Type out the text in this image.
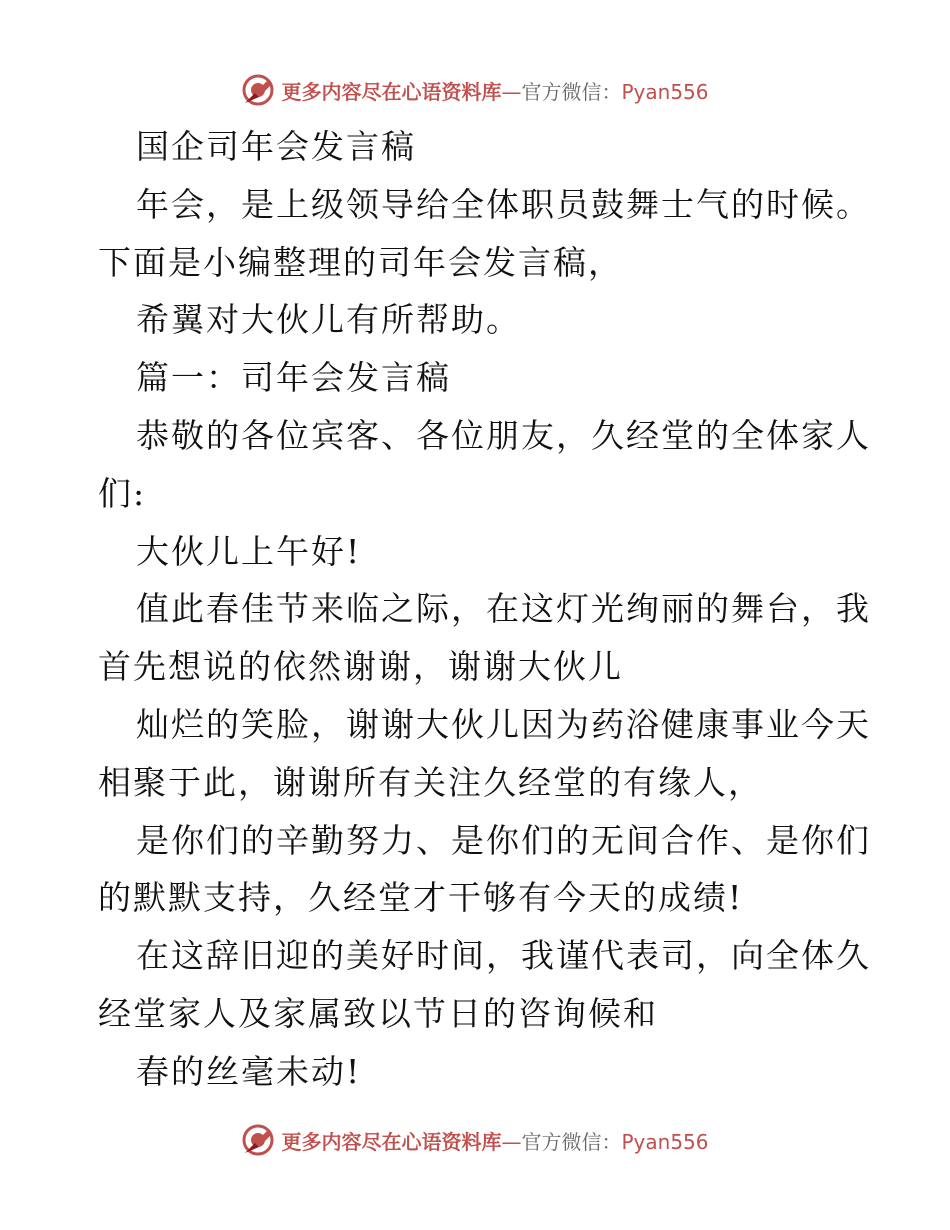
更多内容尽在心语资料库—官方微信：Pyan556
国企司年会发言稿
年会，是上级领导给全体职员鼓舞士气的时候。
下面是小编整理的司年会发言稿，
希翼对大伙儿有所帮助。
篇一：司年会发言稿
恭敬的各位宾客、各位朋友，久经堂的全体家人
们:
大伙儿上午好!
值此春佳节来临之际，在这灯光绚丽的舞台，我
首先想说的依然谢谢，谢谢大伙儿
灿烂的笑脸，谢谢大伙儿因为药浴健康事业今天
相聚于此，谢谢所有关注久经堂的有缘人，
是你们的辛勤努力、是你们的无间合作、是你们
的默默支持，久经堂才干够有今天的成绩!
在这辞旧迎的美好时间，我谨代表司，向全体久
经堂家人及家属致以节日的咨询候和
春的丝毫未动!
更多内容尽在心语资料库—官方微信：Pyan556
